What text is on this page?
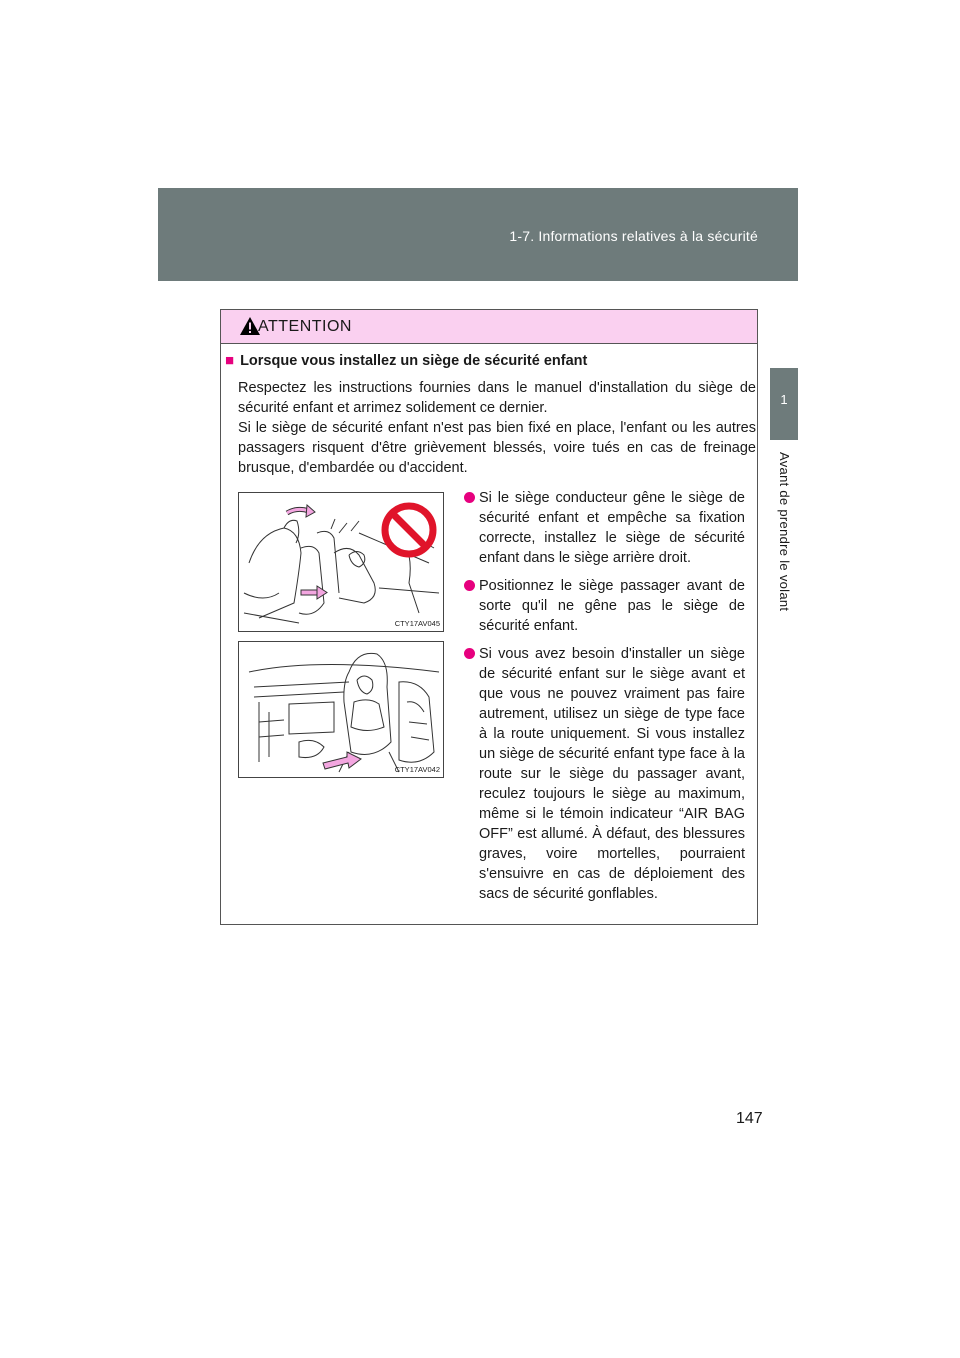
1-7. Informations relatives à la sécurité
1
Avant de prendre le volant
ATTENTION
■ Lorsque vous installez un siège de sécurité enfant

Respectez les instructions fournies dans le manuel d'installation du siège de sécurité enfant et arrimez solidement ce dernier.

Si le siège de sécurité enfant n'est pas bien fixé en place, l'enfant ou les autres passagers risquent d'être grièvement blessés, voire tués en cas de freinage brusque, d'embardée ou d'accident.

CTY17AV045
CTY17AV042
Si le siège conducteur gêne le siège de sécurité enfant et empêche sa fixation correcte, installez le siège de sécurité enfant dans le siège arrière droit.
Positionnez le siège passager avant de sorte qu'il ne gêne pas le siège de sécurité enfant.
Si vous avez besoin d'installer un siège de sécurité enfant sur le siège avant et que vous ne pouvez vraiment pas faire autrement, utilisez un siège de type face à la route uniquement. Si vous installez un siège de sécurité enfant type face à la route sur le siège du passager avant, reculez toujours le siège au maximum, même si le témoin indicateur “AIR BAG OFF” est allumé. À défaut, des blessures graves, voire mortelles, pourraient s'ensuivre en cas de déploiement des sacs de sécurité gonflables.
147
